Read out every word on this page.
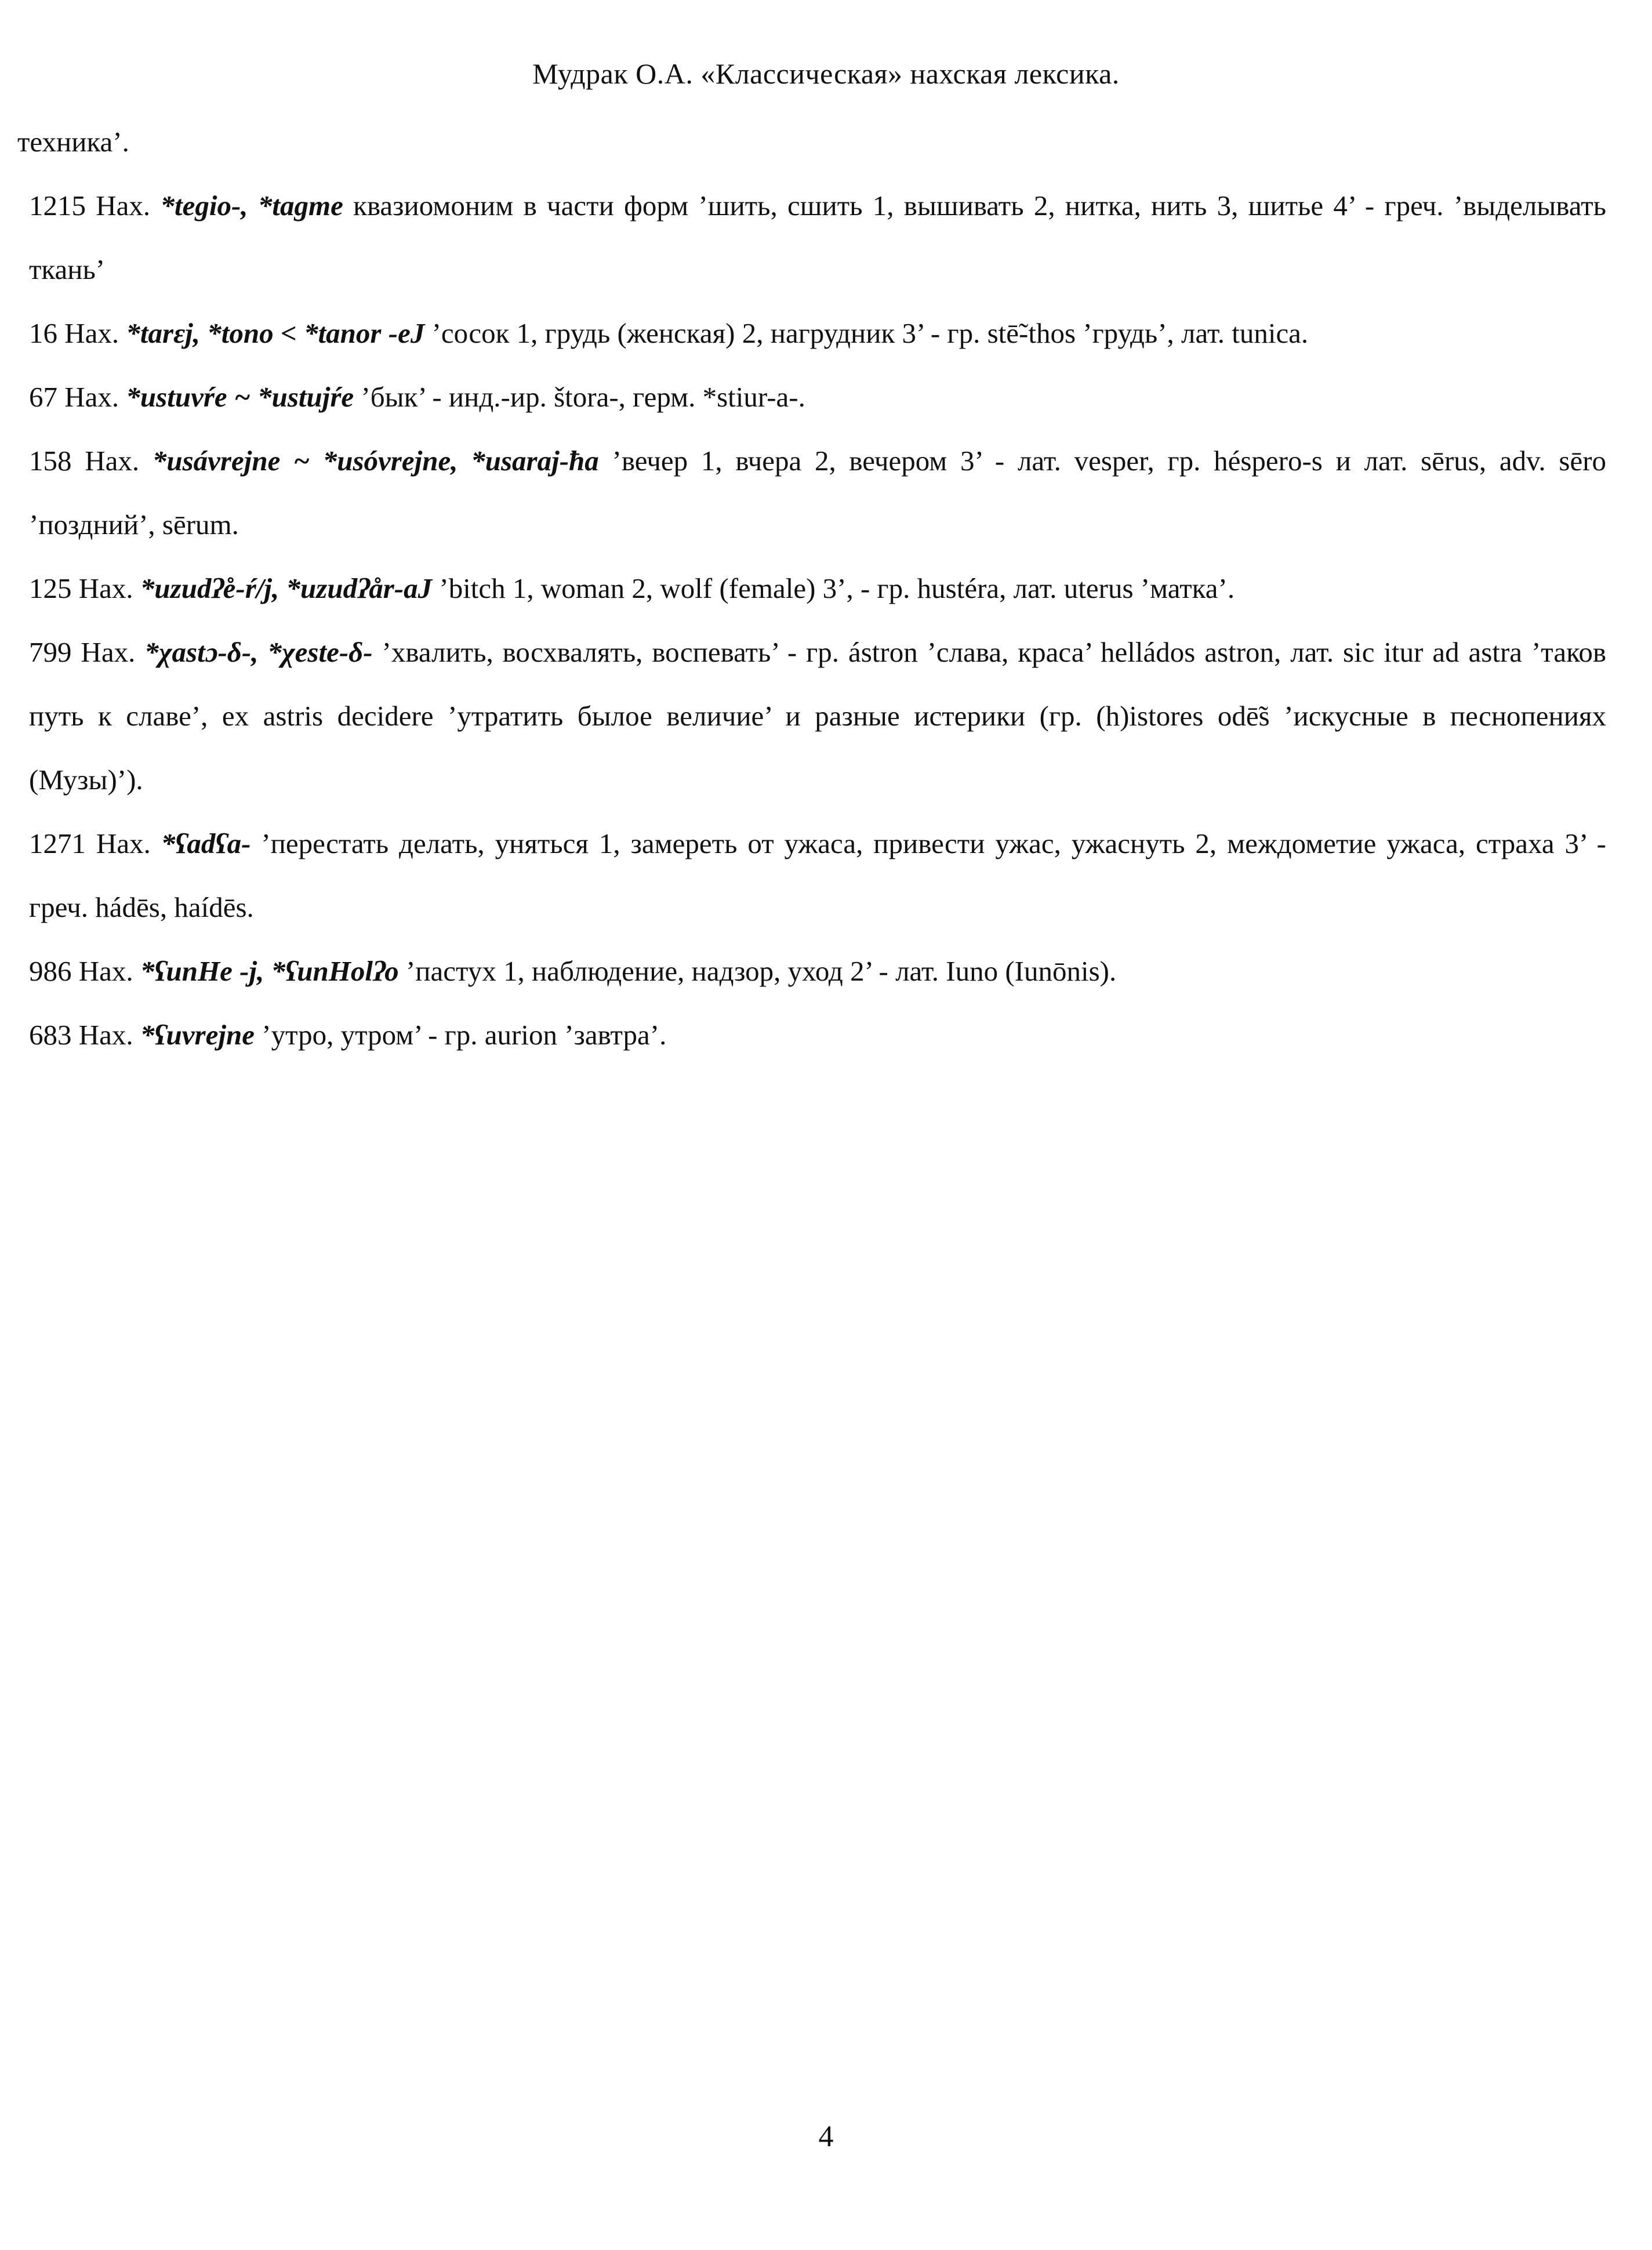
Мудрак О.А. «Классическая» нахская лексика.

техника’.

1215 Нах. *tegio-, *tagme квазиомоним в части форм ’шить, сшить 1, вышивать 2, нитка, нить 3, шитье 4’ - греч. ’выделывать ткань’

16 Нах. *tarεj, *tono < *tanor -eJ ’сосок 1, грудь (женская) 2, нагрудник 3’ - гр. stē̃-thos ’грудь’, лат. tunica.

67 Нах. *ustuvŕe ~ *ustujŕe ’бык’ - инд.-ир. štora-, герм. *stiur-a-.

158 Нах. *usávrejne ~ *usóvrejne, *usaraj-ħa ’вечер 1, вчера 2, вечером 3’ - лат. vesper, гр. héspero-s и лат. sērus, adv. sēro ’поздний’, sērum.

125 Нах. *uzudʔe̊-ŕ/j, *uzudʔår-aJ ’bitch 1, woman 2, wolf (female) 3’, - гр. hustéra, лат. uterus ’матка’.

799 Нах. *χastɔ-δ-, *χeste-δ- ’хвалить, восхвалять, воспевать’ - гр. ástron ’слава, краса’ helládos astron, лат. sic itur ad astra ’таков путь к славе’, ex astris decidere ’утратить былое величие’ и разные истерики (гр. (h)istores odē̃s ’искусные в песнопениях (Музы)’).

1271 Нах. *ʕadʕa- ’перестать делать, уняться 1, замереть от ужаса, привести ужас, ужаснуть 2, междометие ужаса, страха 3’ - греч. hádēs, haídēs.

986 Нах. *ʕunHe -j, *ʕunHolʔo ’пастух 1, наблюдение, надзор, уход 2’ - лат. Iuno (Iunōnis).

683 Нах. *ʕuvrejne ’утро, утром’ - гр. aurion ’завтра’.

4
